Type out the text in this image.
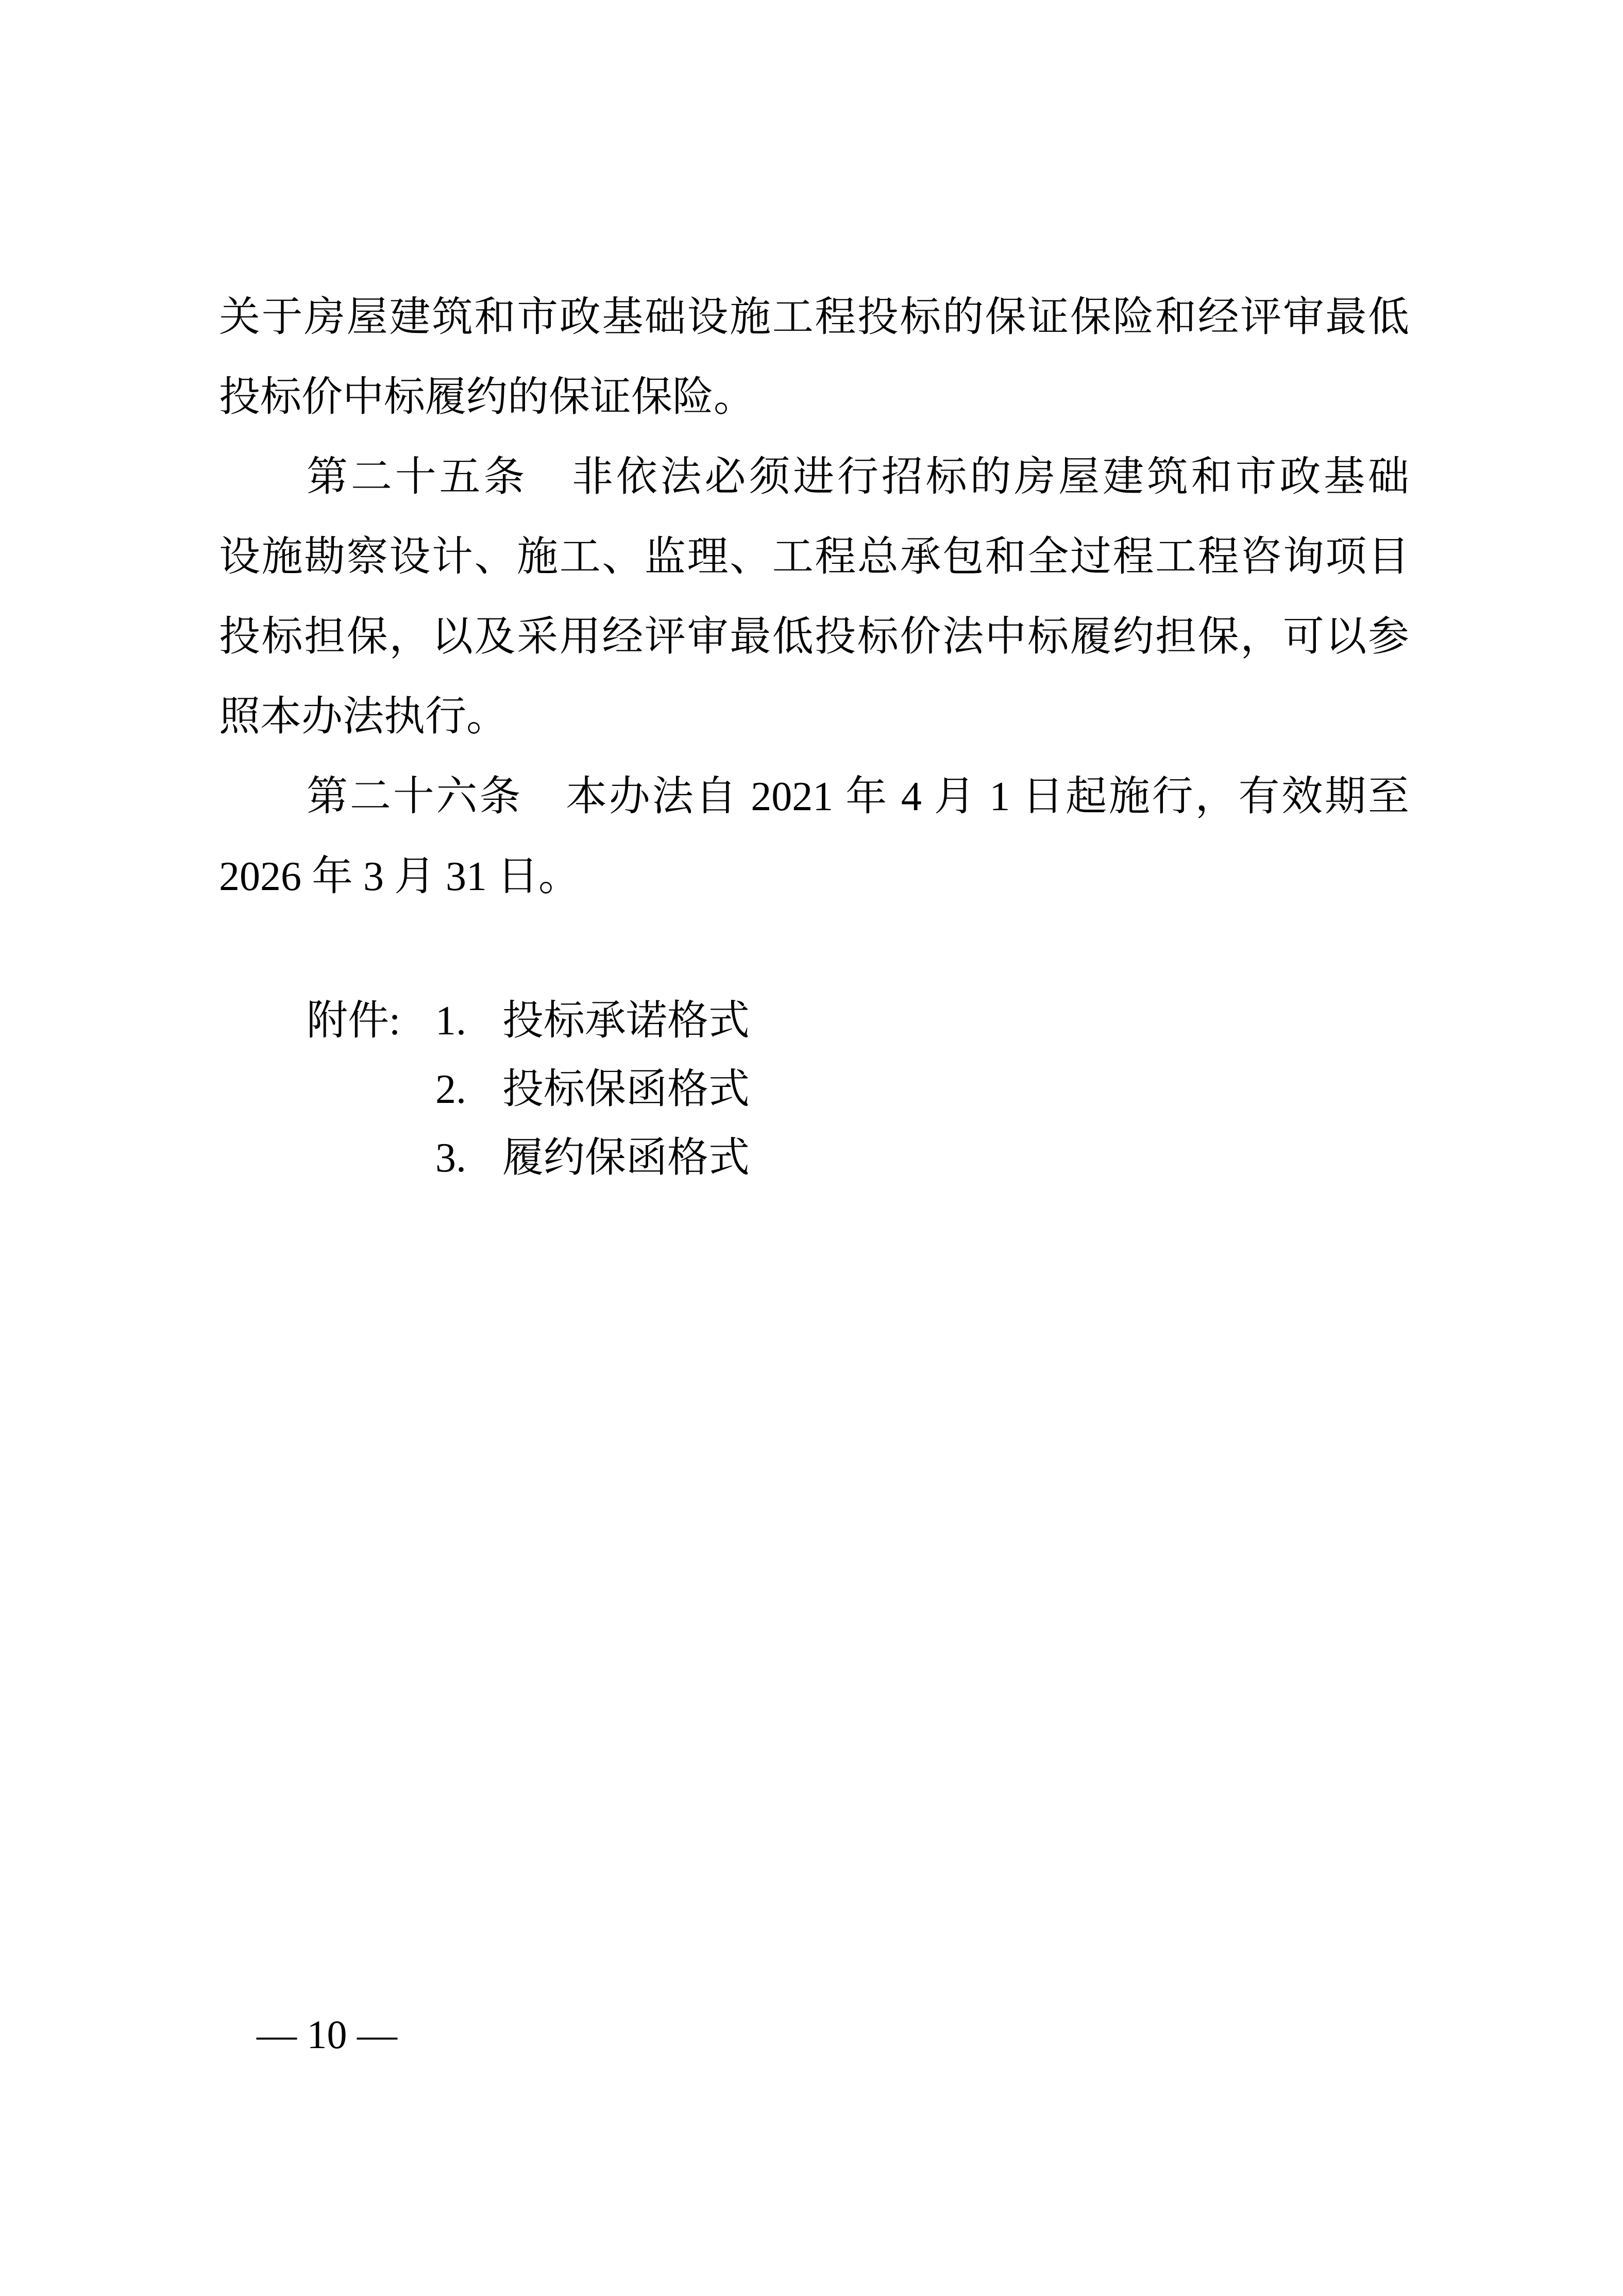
关于房屋建筑和市政基础设施工程投标的保证保险和经评审最低

投标价中标履约的保证保险。

第二十五条　非依法必须进行招标的房屋建筑和市政基础

设施勘察设计、施工、监理、工程总承包和全过程工程咨询项目

投标担保，以及采用经评审最低投标价法中标履约担保，可以参

照本办法执行。

第二十六条　本办法自 2021 年 4 月 1 日起施行，有效期至

2026 年 3 月 31 日。

附件: 1. 投标承诺格式
2. 投标保函格式
3. 履约保函格式
— 10 —
